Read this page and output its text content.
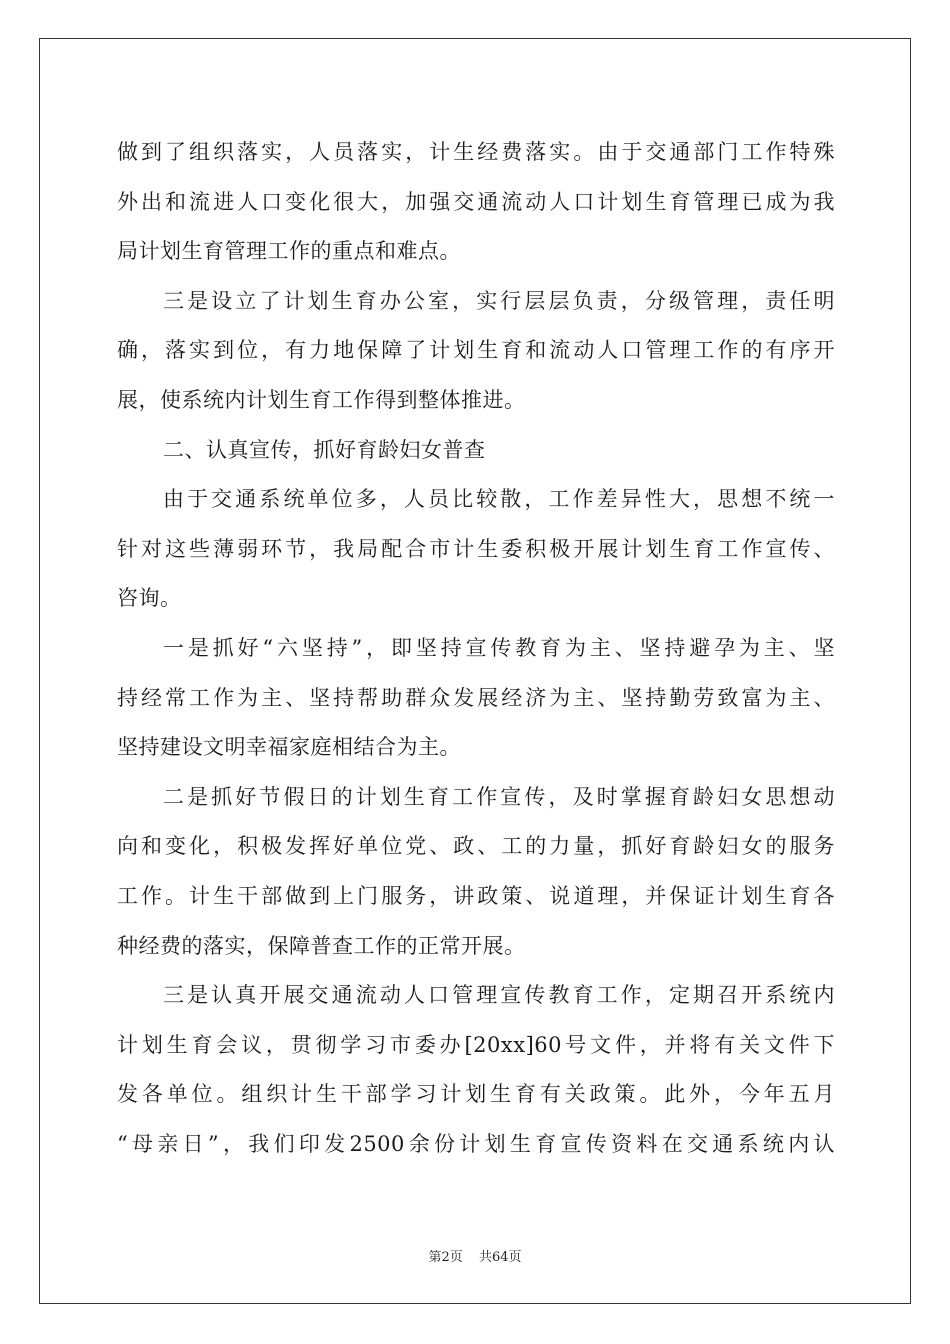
做到了组织落实，人员落实，计生经费落实。由于交通部门工作特殊
外出和流进人口变化很大，加强交通流动人口计划生育管理已成为我
局计划生育管理工作的重点和难点。
三是设立了计划生育办公室，实行层层负责，分级管理，责任明
确，落实到位，有力地保障了计划生育和流动人口管理工作的有序开
展，使系统内计划生育工作得到整体推进。
二、认真宣传，抓好育龄妇女普查
由于交通系统单位多，人员比较散，工作差异性大，思想不统一
针对这些薄弱环节，我局配合市计生委积极开展计划生育工作宣传、
咨询。
一是抓好“六坚持”，即坚持宣传教育为主、坚持避孕为主、坚
持经常工作为主、坚持帮助群众发展经济为主、坚持勤劳致富为主、
坚持建设文明幸福家庭相结合为主。
二是抓好节假日的计划生育工作宣传，及时掌握育龄妇女思想动
向和变化，积极发挥好单位党、政、工的力量，抓好育龄妇女的服务
工作。计生干部做到上门服务，讲政策、说道理，并保证计划生育各
种经费的落实，保障普查工作的正常开展。
三是认真开展交通流动人口管理宣传教育工作，定期召开系统内
计划生育会议，贯彻学习市委办[20xx]60号文件，并将有关文件下
发各单位。组织计生干部学习计划生育有关政策。此外，今年五月
“母亲日”，我们印发2500余份计划生育宣传资料在交通系统内认
第2页 共64页
